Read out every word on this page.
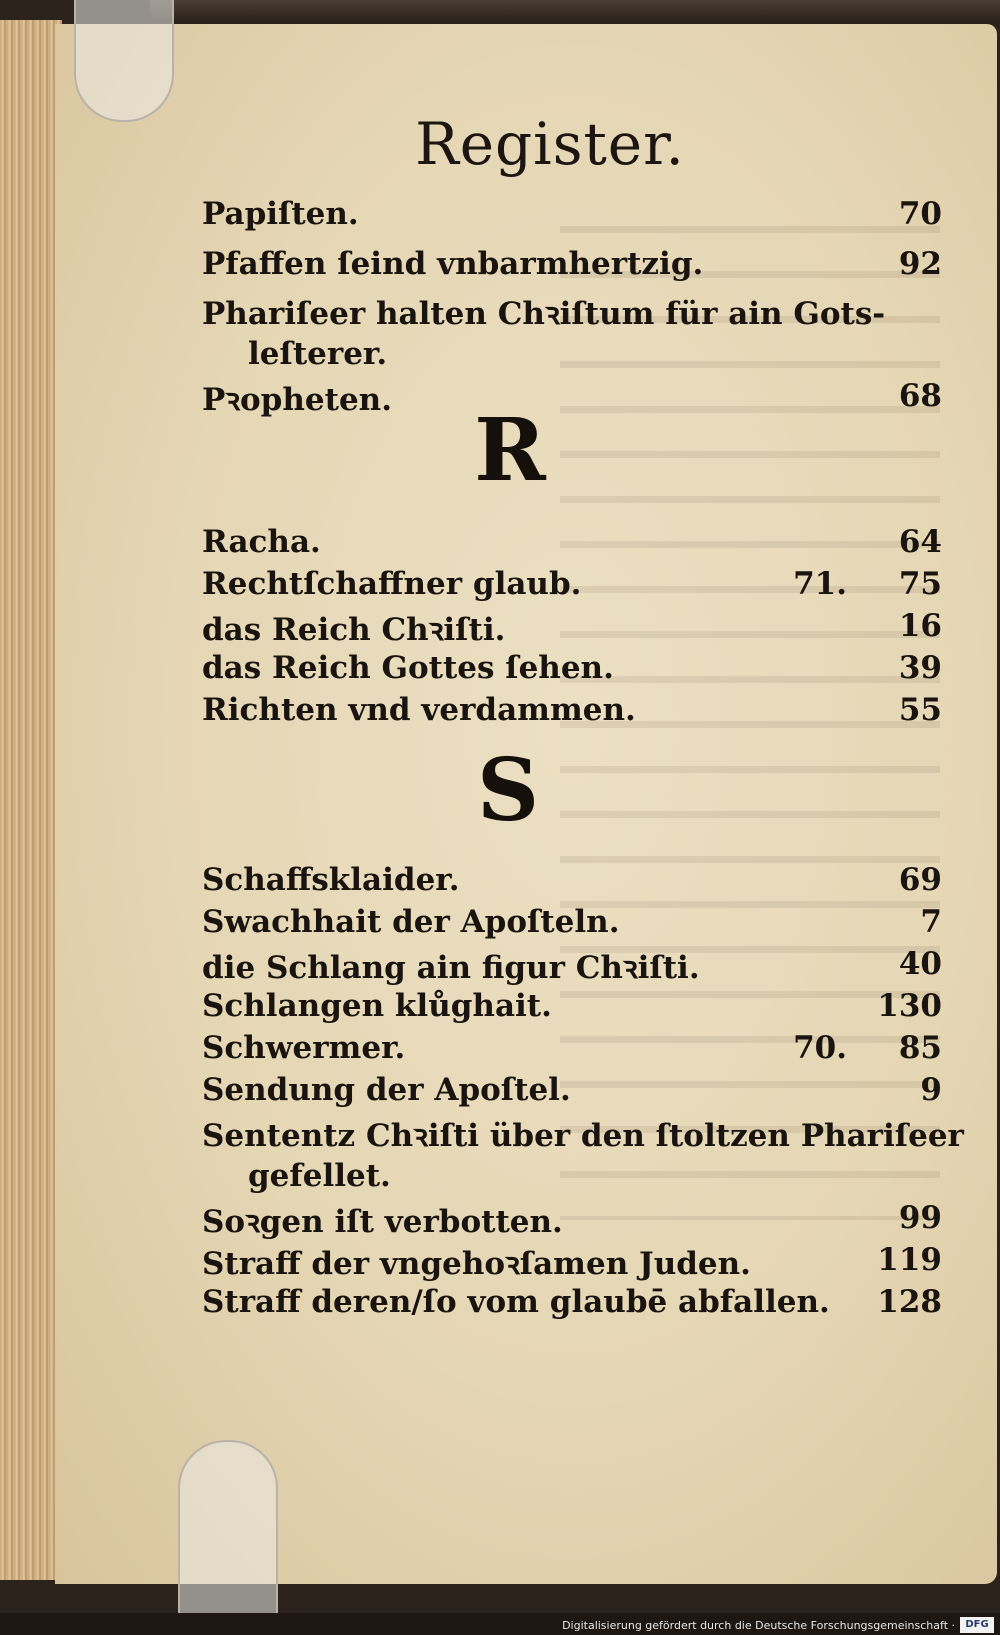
Register.
Papiſten.	70
Pfaffen ſeind vnbarmhertzig.	92
Phariſeer halten Chꝛiſtum für ain Gots-
leſterer.
Pꝛopheten.	68
R
Racha.	64
Rechtſchaffner glaub.	71. 75
das Reich Chꝛiſti.	16
das Reich Gottes ſehen.	39
Richten vnd verdammen.	55
S
Schaffsklaider.	69
Swachhait der Apoſteln.	7
die Schlang ain figur Chꝛiſti.	40
Schlangen klůghait.	130
Schwermer.	70. 85
Sendung der Apoſtel.	9
Sententz Chꝛiſti über den ſtoltzen Phariſeer
gefellet.
Soꝛgen iſt verbotten.	99
Straff der vngehoꝛſamen Juden.	119
Straff deren/ſo vom glaubē abfallen. 128
Digitalisierung gefördert durch die Deutsche Forschungsgemeinschaft ·	DFG
